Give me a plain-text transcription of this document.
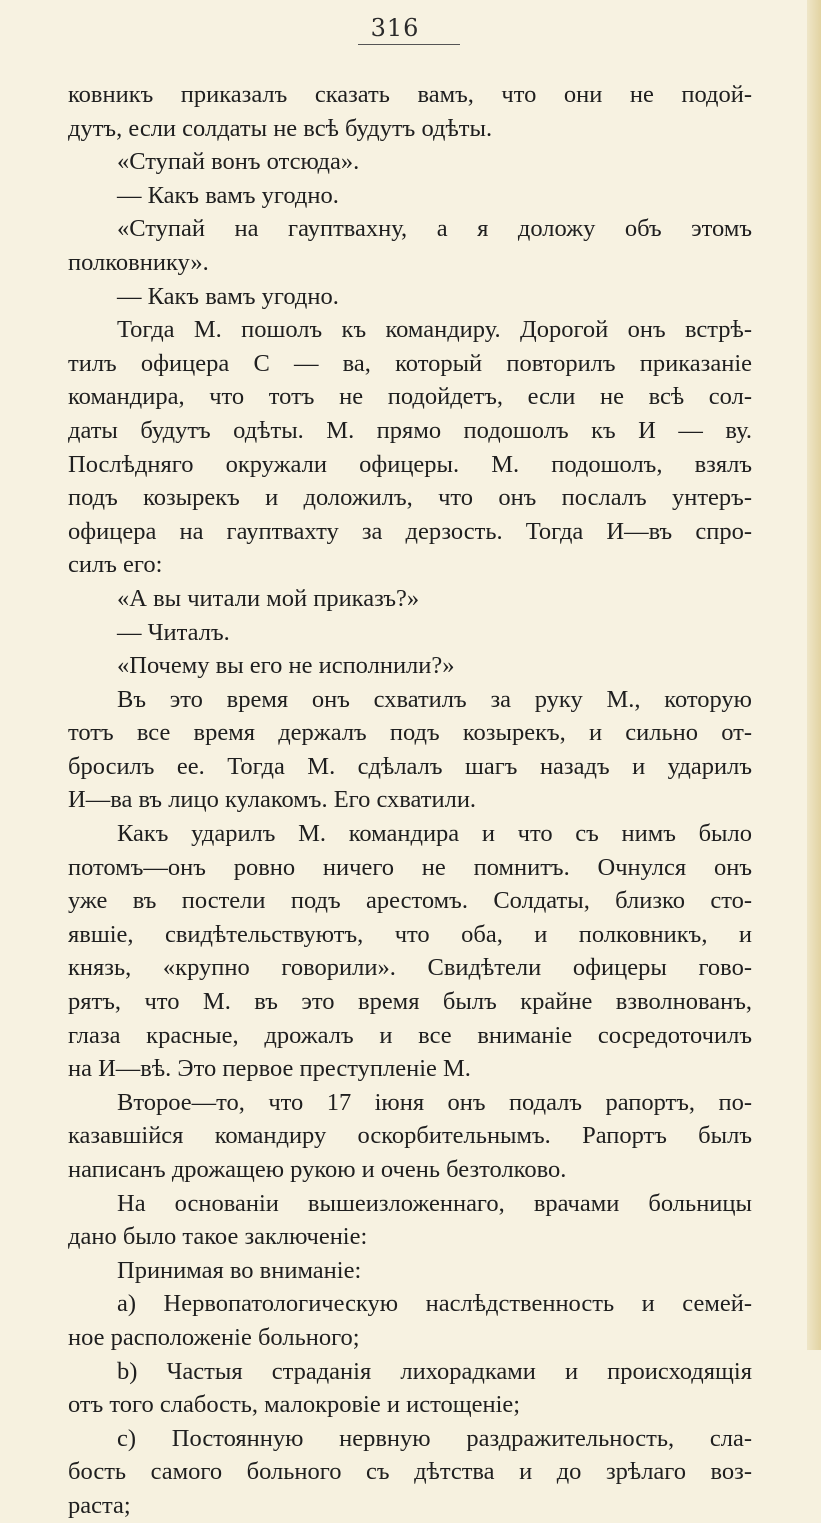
316
ковникъ приказалъ сказать вамъ, что они не подой-
дутъ, если солдаты не всѣ будутъ одѣты.
«Ступай вонъ отсюда».
— Какъ вамъ угодно.
«Ступай на гауптвахну, а я доложу объ этомъ
полковнику».
— Какъ вамъ угодно.
Тогда М. пошолъ къ командиру. Дорогой онъ встрѣ-
тилъ офицера С — ва, который повторилъ приказанiе
командира, что тотъ не подойдетъ, если не всѣ сол-
даты будутъ одѣты. М. прямо подошолъ къ И — ву.
Послѣдняго окружали офицеры. М. подошолъ, взялъ
подъ козырекъ и доложилъ, что онъ послалъ унтеръ-
офицера на гауптвахту за дерзость. Тогда И—въ спро-
силъ его:
«А вы читали мой приказъ?»
— Читалъ.
«Почему вы его не исполнили?»
Въ это время онъ схватилъ за руку М., которую
тотъ все время держалъ подъ козырекъ, и сильно от-
бросилъ ее. Тогда М. сдѣлалъ шагъ назадъ и ударилъ
И—ва въ лицо кулакомъ. Его схватили.
Какъ ударилъ М. командира и что съ нимъ было
потомъ—онъ ровно ничего не помнитъ. Очнулся онъ
уже въ постели подъ арестомъ. Солдаты, близко сто-
явшiе, свидѣтельствуютъ, что оба, и полковникъ, и
князь, «крупно говорили». Свидѣтели офицеры гово-
рятъ, что М. въ это время былъ крайне взволнованъ,
глаза красные, дрожалъ и все вниманiе сосредоточилъ
на И—вѣ. Это первое преступленiе М.
Второе—то, что 17 iюня онъ подалъ рапортъ, по-
казавшiйся командиру оскорбительнымъ. Рапортъ былъ
написанъ дрожащею рукою и очень безтолково.
На основанiи вышеизложеннаго, врачами больницы
дано было такое заключенiе:
Принимая во вниманiе:
a) Нервопатологическую наслѣдственность и семей-
ное расположенiе больного;
b) Частыя страданiя лихорадками и происходящiя
отъ того слабость, малокровiе и истощенiе;
c) Постоянную нервную раздражительность, сла-
бость самого больного съ дѣтства и до зрѣлаго воз-
раста;
